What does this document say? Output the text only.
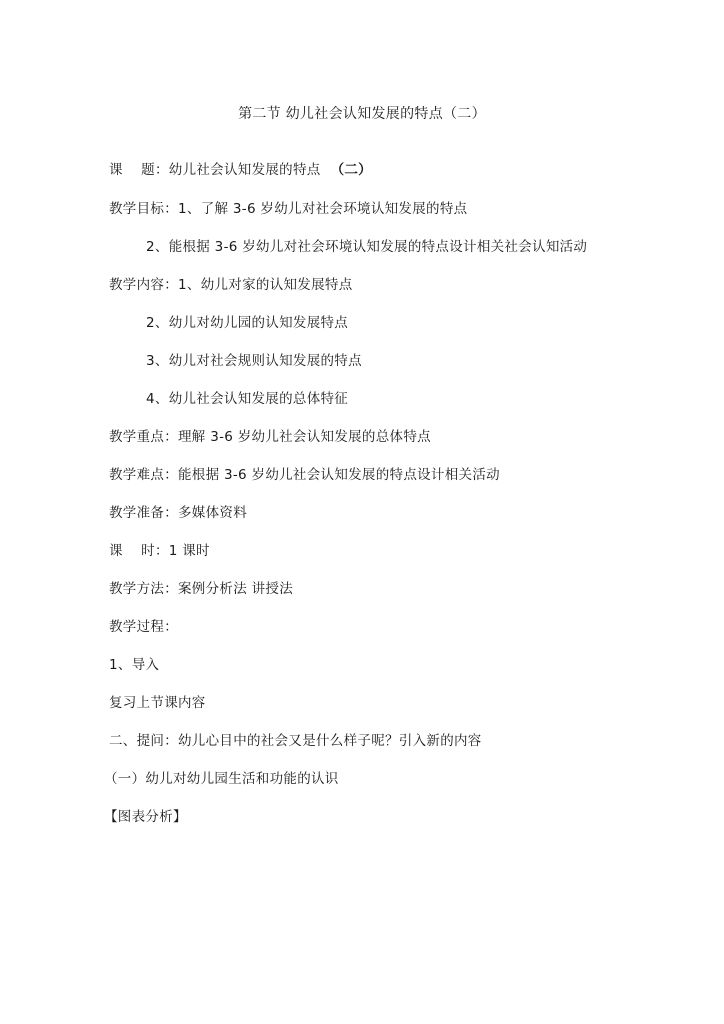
第二节 幼儿社会认知发展的特点（二）
课    题：幼儿社会认知发展的特点 （二）
教学目标：1、了解 3-6 岁幼儿对社会环境认知发展的特点
2、能根据 3-6 岁幼儿对社会环境认知发展的特点设计相关社会认知活动
教学内容：1、幼儿对家的认知发展特点
2、幼儿对幼儿园的认知发展特点
3、幼儿对社会规则认知发展的特点
4、幼儿社会认知发展的总体特征
教学重点：理解 3-6 岁幼儿社会认知发展的总体特点
教学难点：能根据 3-6 岁幼儿社会认知发展的特点设计相关活动
教学准备：多媒体资料
课    时：1 课时
教学方法：案例分析法 讲授法
教学过程：
1、导入
复习上节课内容
二、提问：幼儿心目中的社会又是什么样子呢？引入新的内容
（一）幼儿对幼儿园生活和功能的认识
【图表分析】
